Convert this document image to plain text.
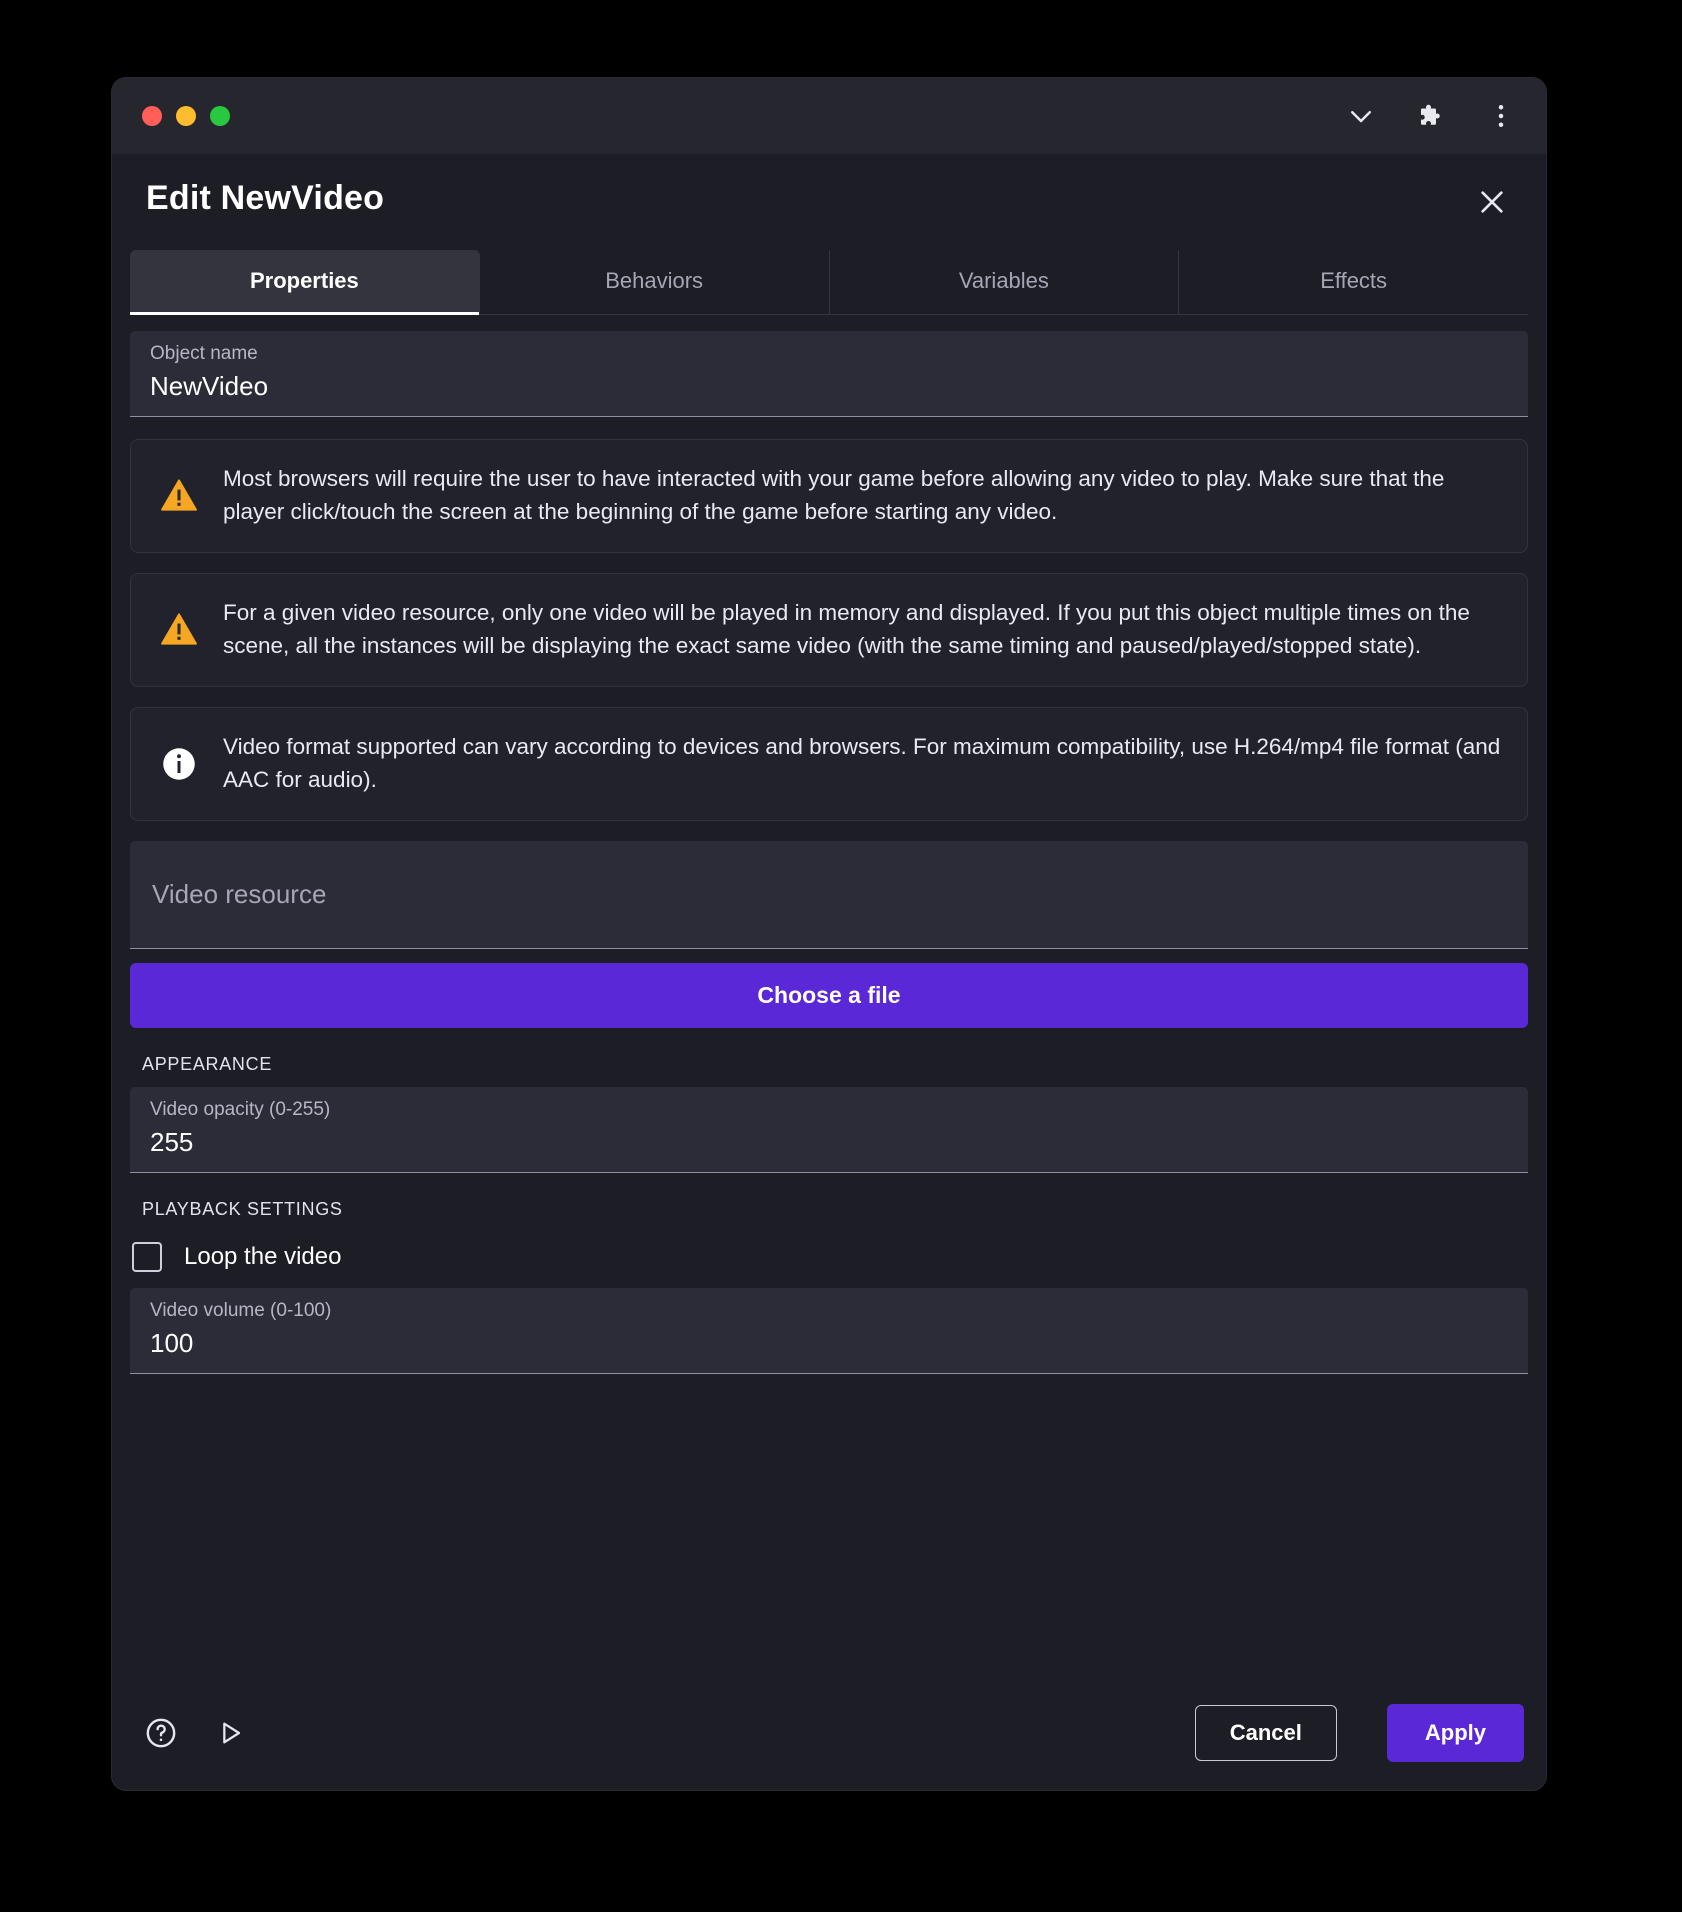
Edit NewVideo
Properties	Behaviors	Variables	Effects
Object name
NewVideo
Most browsers will require the user to have interacted with your game before allowing any video to play. Make sure that the player click/touch the screen at the beginning of the game before starting any video.
For a given video resource, only one video will be played in memory and displayed. If you put this object multiple times on the scene, all the instances will be displaying the exact same video (with the same timing and paused/played/stopped state).
Video format supported can vary according to devices and browsers. For maximum compatibility, use H.264/mp4 file format (and AAC for audio).
Video resource
Choose a file
APPEARANCE
Video opacity (0-255)
255
PLAYBACK SETTINGS
Loop the video
Video volume (0-100)
100
Cancel	Apply
